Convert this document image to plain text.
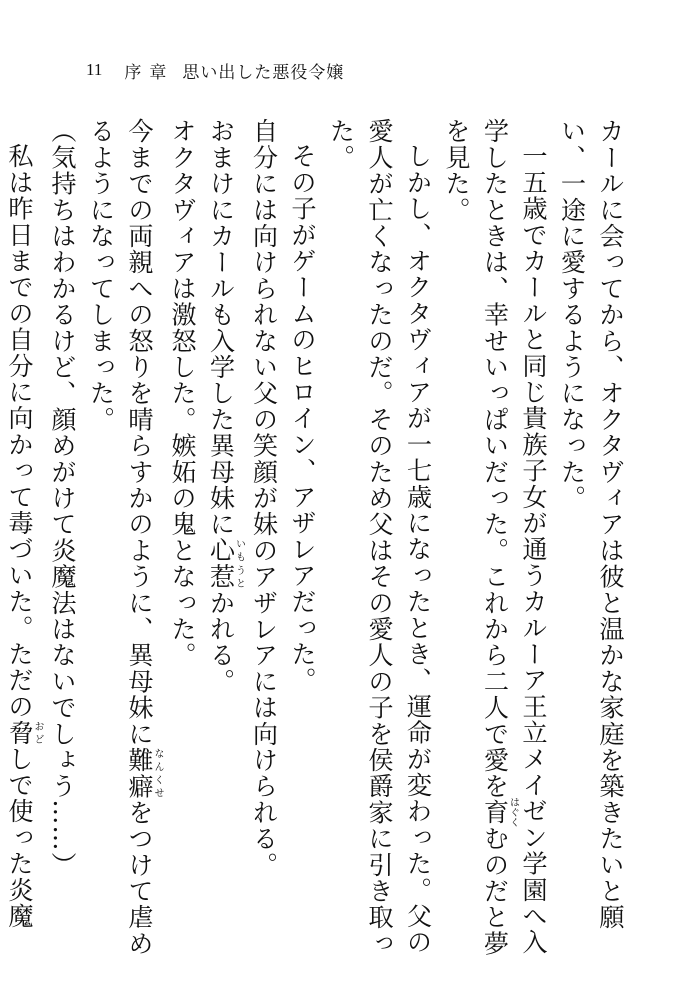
11 序章 思い出した悪役令嬢

カールに会ってから、オクタヴィアは彼と温かな家庭を築きたいと願い、一途に愛するようになった。

一五歳でカールと同じ貴族子女が通うカルーア王立メイゼン学園へ入学したときは、幸せいっぱいだった。これから二人で愛を育はぐくむのだと夢を見た。

しかし、オクタヴィアが一七歳になったとき、運命が変わった。父の愛人が亡くなったのだ。そのため父はその愛人の子を侯爵家に引き取った。

その子がゲームのヒロイン、アザレアだった。

自分には向けられない父の笑顔が妹のアザレアには向けられる。

おまけにカールも入学した異母妹に心惹いもうとかれる。

オクタヴィアは激怒した。嫉妬の鬼となった。

今までの両親への怒りを晴らすかのように、異母妹に難癖なんくせをつけて虐めるようになってしまった。

（気持ちはわかるけど、顔めがけて炎魔法はないでしょう……）

私は昨日までの自分に向かって毒づいた。ただの脅おどしで使った炎魔
